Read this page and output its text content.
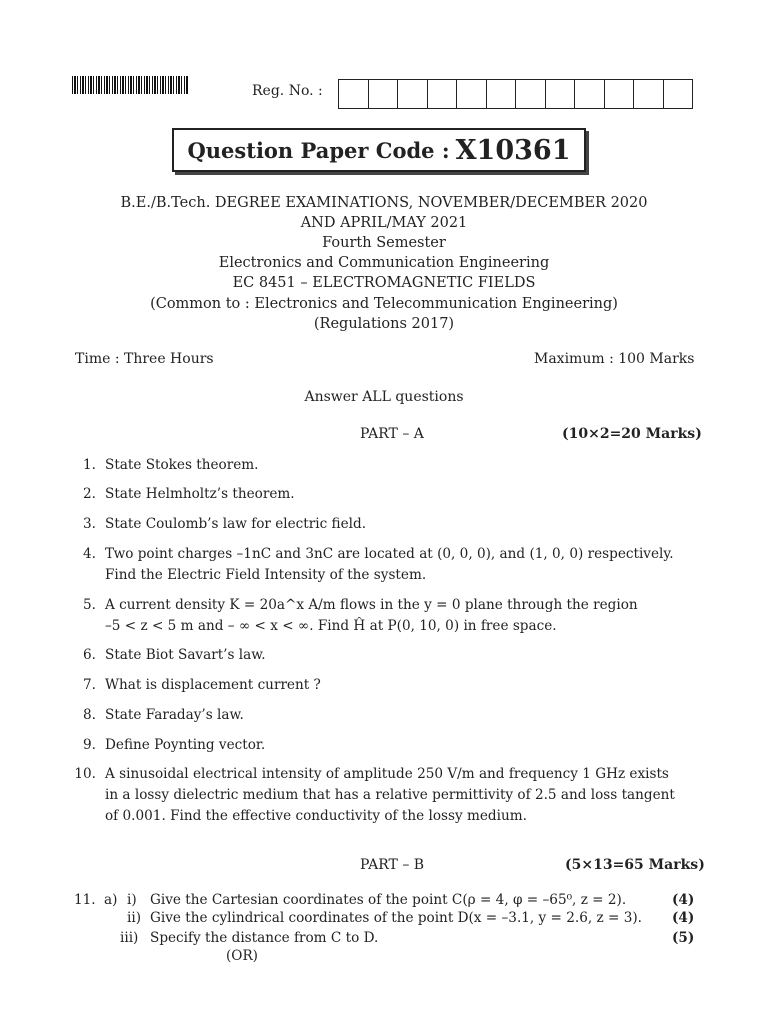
Reg. No. :
Question Paper Code : X10361
B.E./B.Tech. DEGREE EXAMINATIONS, NOVEMBER/DECEMBER 2020
AND APRIL/MAY 2021
Fourth Semester
Electronics and Communication Engineering
EC 8451 – ELECTROMAGNETIC FIELDS
(Common to : Electronics and Telecommunication Engineering)
(Regulations 2017)
Time : Three Hours	Maximum : 100 Marks
Answer ALL questions
PART – A	(10×2=20 Marks)
1. State Stokes theorem.
2. State Helmholtz’s theorem.
3. State Coulomb’s law for electric field.
4. Two point charges –1nC and 3nC are located at (0, 0, 0), and (1, 0, 0) respectively.
Find the Electric Field Intensity of the system.
5. A current density K = 20a^x A/m flows in the y = 0 plane through the region
–5 < z < 5 m and – ∞ < x < ∞. Find Ĥ at P(0, 10, 0) in free space.
6. State Biot Savart’s law.
7. What is displacement current ?
8. State Faraday’s law.
9. Define Poynting vector.
10. A sinusoidal electrical intensity of amplitude 250 V/m and frequency 1 GHz exists
in a lossy dielectric medium that has a relative permittivity of 2.5 and loss tangent
of 0.001. Find the effective conductivity of the lossy medium.
PART – B	(5×13=65 Marks)
11. a) i) Give the Cartesian coordinates of the point C(ρ = 4, φ = –65⁰, z = 2).	(4)
ii) Give the cylindrical coordinates of the point D(x = –3.1, y = 2.6, z = 3). (4)
iii) Specify the distance from C to D.	(5)
(OR)
